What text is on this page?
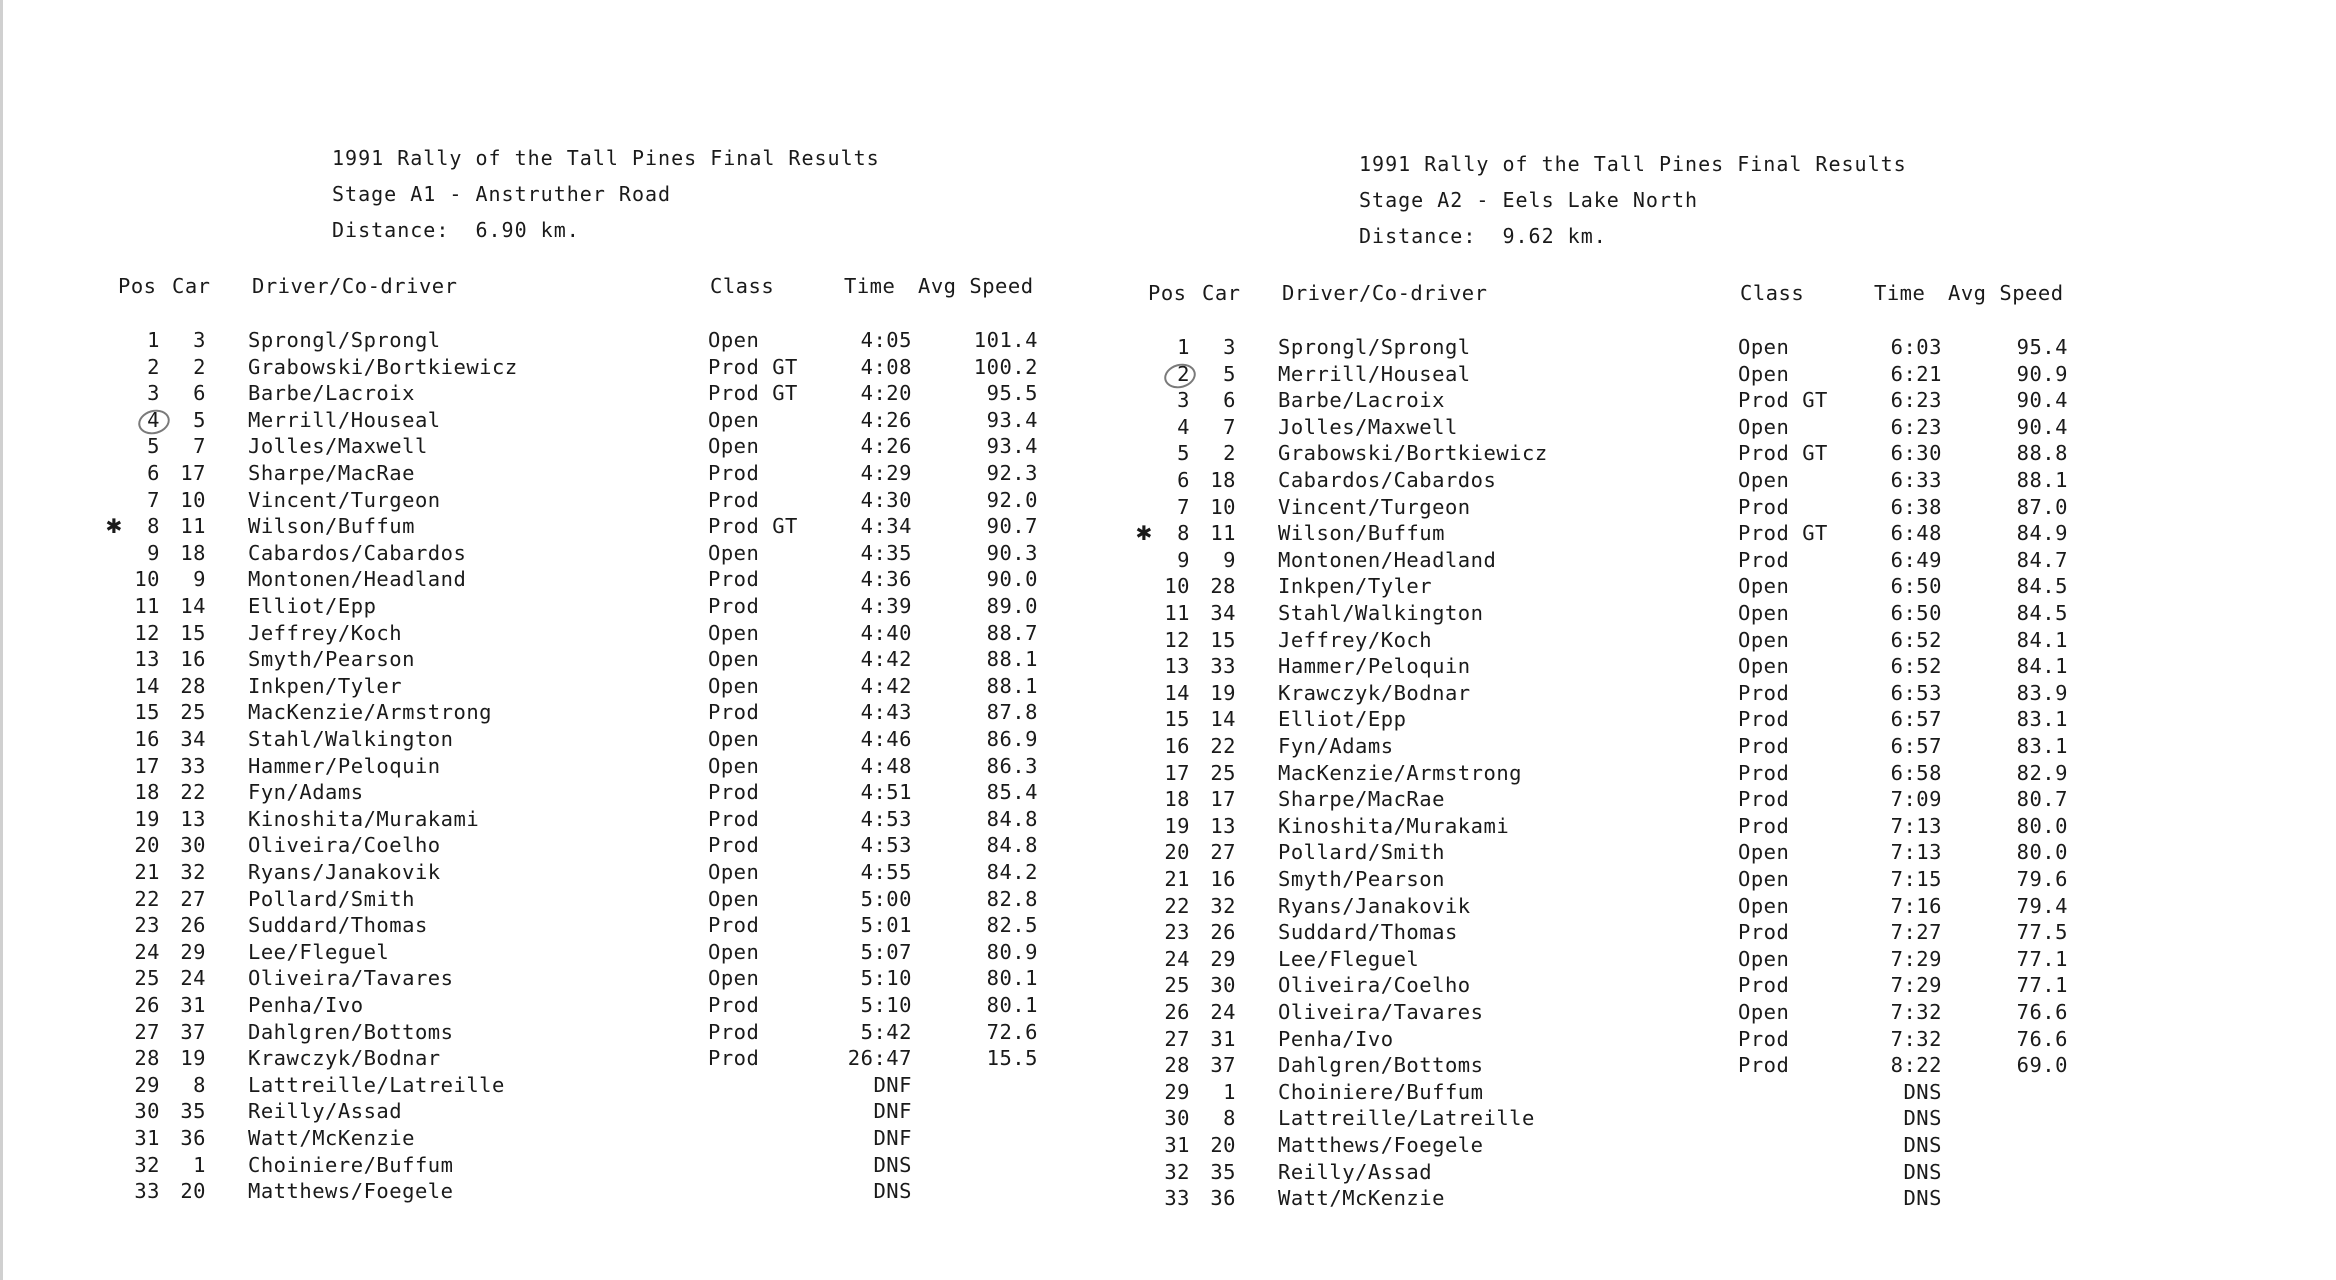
1991 Rally of the Tall Pines Final Results
Stage A1 - Anstruther Road
Distance:  6.90 km.
Pos Car Driver/Co-driver	Class	Time Avg Speed
1	3 Sprongl/Sprongl	Open	4:05	101.4
2	2 Grabowski/Bortkiewicz	Prod GT	4:08	100.2
3	6 Barbe/Lacroix	Prod GT	4:20	95.5
4	5 Merrill/Houseal	Open	4:26	93.4
5	7 Jolles/Maxwell	Open	4:26	93.4
6 17 Sharpe/MacRae	Prod	4:29	92.3
7 10 Vincent/Turgeon	Prod	4:30	92.0
8 11 Wilson/Buffum	Prod GT	4:34	90.7
9 18 Cabardos/Cabardos	Open	4:35	90.3
10	9 Montonen/Headland	Prod	4:36	90.0
11 14 Elliot/Epp	Prod	4:39	89.0
12 15 Jeffrey/Koch	Open	4:40	88.7
13 16 Smyth/Pearson	Open	4:42	88.1
14 28 Inkpen/Tyler	Open	4:42	88.1
15 25 MacKenzie/Armstrong	Prod	4:43	87.8
16 34 Stahl/Walkington	Open	4:46	86.9
17 33 Hammer/Peloquin	Open	4:48	86.3
18 22 Fyn/Adams	Prod	4:51	85.4
19 13 Kinoshita/Murakami	Prod	4:53	84.8
20 30 Oliveira/Coelho	Prod	4:53	84.8
21 32 Ryans/Janakovik	Open	4:55	84.2
22 27 Pollard/Smith	Open	5:00	82.8
23 26 Suddard/Thomas	Prod	5:01	82.5
24 29 Lee/Fleguel	Open	5:07	80.9
25 24 Oliveira/Tavares	Open	5:10	80.1
26 31 Penha/Ivo	Prod	5:10	80.1
27 37 Dahlgren/Bottoms	Prod	5:42	72.6
28 19 Krawczyk/Bodnar	Prod	26:47	15.5
29	8 Lattreille/Latreille	DNF
30 35 Reilly/Assad	DNF
31 36 Watt/McKenzie	DNF
32	1 Choiniere/Buffum	DNS
33 20 Matthews/Foegele	DNS
✱
1991 Rally of the Tall Pines Final Results
Stage A2 - Eels Lake North
Distance:  9.62 km.
Pos Car Driver/Co-driver	Class	Time Avg Speed
1	3 Sprongl/Sprongl	Open	6:03	95.4
2	5 Merrill/Houseal	Open	6:21	90.9
3	6 Barbe/Lacroix	Prod GT	6:23	90.4
4	7 Jolles/Maxwell	Open	6:23	90.4
5	2 Grabowski/Bortkiewicz	Prod GT	6:30	88.8
6 18 Cabardos/Cabardos	Open	6:33	88.1
7 10 Vincent/Turgeon	Prod	6:38	87.0
8 11 Wilson/Buffum	Prod GT	6:48	84.9
9	9 Montonen/Headland	Prod	6:49	84.7
10 28 Inkpen/Tyler	Open	6:50	84.5
11 34 Stahl/Walkington	Open	6:50	84.5
12 15 Jeffrey/Koch	Open	6:52	84.1
13 33 Hammer/Peloquin	Open	6:52	84.1
14 19 Krawczyk/Bodnar	Prod	6:53	83.9
15 14 Elliot/Epp	Prod	6:57	83.1
16 22 Fyn/Adams	Prod	6:57	83.1
17 25 MacKenzie/Armstrong	Prod	6:58	82.9
18 17 Sharpe/MacRae	Prod	7:09	80.7
19 13 Kinoshita/Murakami	Prod	7:13	80.0
20 27 Pollard/Smith	Open	7:13	80.0
21 16 Smyth/Pearson	Open	7:15	79.6
22 32 Ryans/Janakovik	Open	7:16	79.4
23 26 Suddard/Thomas	Prod	7:27	77.5
24 29 Lee/Fleguel	Open	7:29	77.1
25 30 Oliveira/Coelho	Prod	7:29	77.1
26 24 Oliveira/Tavares	Open	7:32	76.6
27 31 Penha/Ivo	Prod	7:32	76.6
28 37 Dahlgren/Bottoms	Prod	8:22	69.0
29	1 Choiniere/Buffum	DNS
30	8 Lattreille/Latreille	DNS
31 20 Matthews/Foegele	DNS
32 35 Reilly/Assad	DNS
33 36 Watt/McKenzie	DNS
✱
